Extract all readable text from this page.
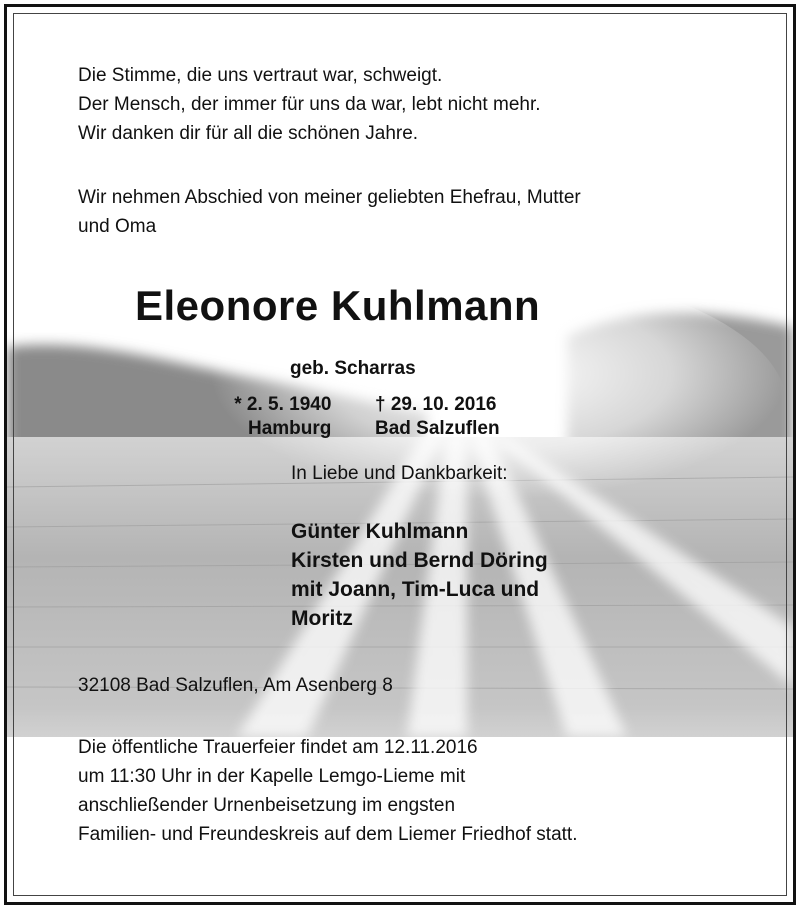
Die Stimme, die uns vertraut war, schweigt.
Der Mensch, der immer für uns da war, lebt nicht mehr.
Wir danken dir für all die schönen Jahre.
Wir nehmen Abschied von meiner geliebten Ehefrau, Mutter
und Oma
Eleonore Kuhlmann
geb. Scharras
* 2. 5. 1940
Hamburg
† 29. 10. 2016
Bad Salzuflen
In Liebe und Dankbarkeit:
Günter Kuhlmann
Kirsten und Bernd Döring
mit Joann, Tim-Luca und
Moritz
32108 Bad Salzuflen, Am Asenberg 8
Die öffentliche Trauerfeier findet am 12.11.2016
um 11:30 Uhr in der Kapelle Lemgo-Lieme mit
anschließender Urnenbeisetzung im engsten
Familien- und Freundeskreis auf dem Liemer Friedhof statt.
